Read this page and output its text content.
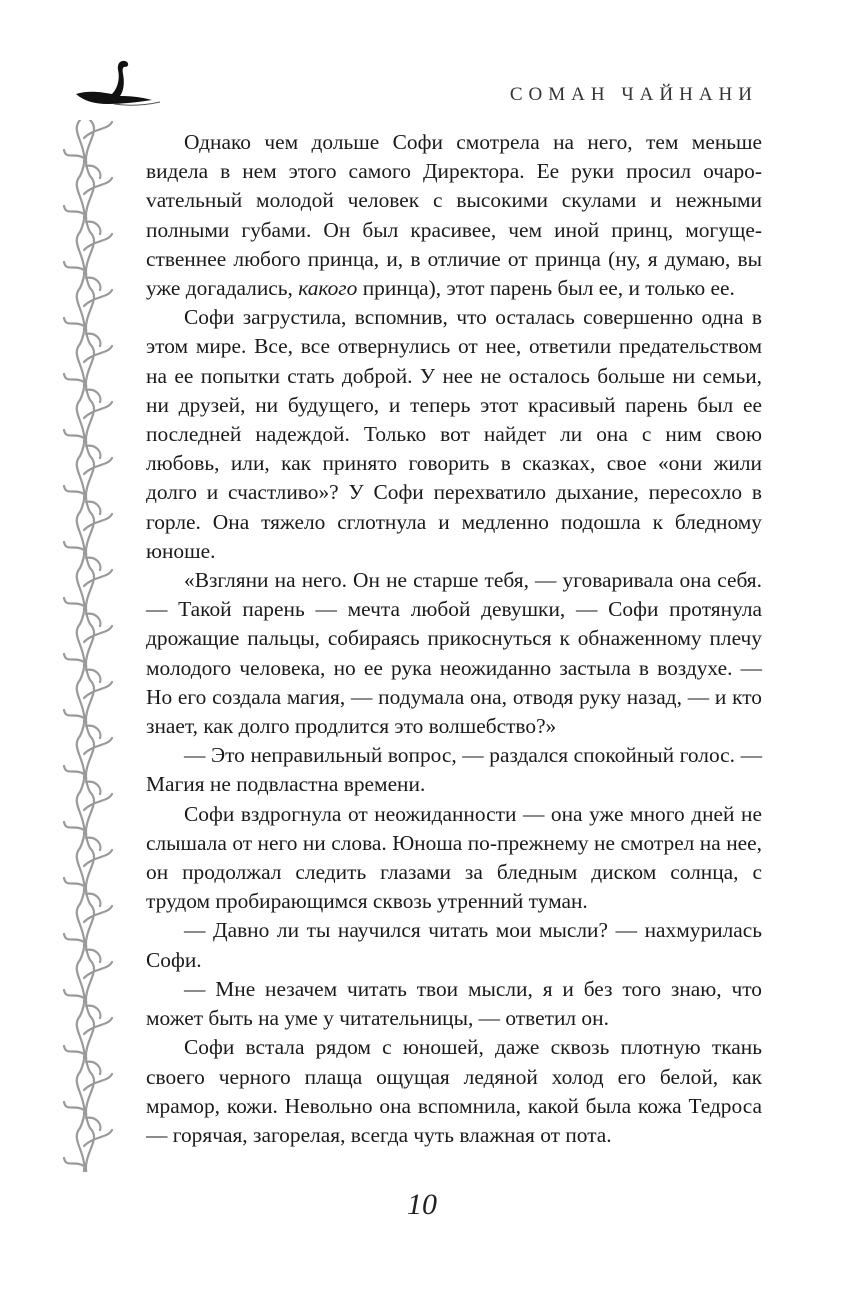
СОМАН ЧАЙНАНИ

Однако чем дольше Софи смотрела на него, тем меньше видела в нем этого самого Директора. Ее руки просил очароvательный молодой человек с высокими скулами и нежными полными губами. Он был красивее, чем иной принц, могущественнее любого принца, и, в отличие от принца (ну, я думаю, вы уже догадались, какого принца), этот парень был ее, и только ее.

Софи загрустила, вспомнив, что осталась совершенно одна в этом мире. Все, все отвернулись от нее, ответили предательством на ее попытки стать доброй. У нее не осталось больше ни семьи, ни друзей, ни будущего, и теперь этот красивый парень был ее последней надеждой. Только вот найдет ли она с ним свою любовь, или, как принято говорить в сказках, свое «они жили долго и счастливо»? У Софи перехватило дыхание, пересохло в горле. Она тяжело сглотнула и медленно подошла к бледному юноше.

«Взгляни на него. Он не старше тебя, — уговаривала она себя. — Такой парень — мечта любой девушки, — Софи протянула дрожащие пальцы, собираясь прикоснуться к обнаженному плечу молодого человека, но ее рука неожиданно застыла в воздухе. — Но его создала магия, — подумала она, отводя руку назад, — и кто знает, как долго продлится это волшебство?»

— Это неправильный вопрос, — раздался спокойный голос. — Магия не подвластна времени.

Софи вздрогнула от неожиданности — она уже много дней не слышала от него ни слова. Юноша по-прежнему не смотрел на нее, он продолжал следить глазами за бледным диском солнца, с трудом пробирающимся сквозь утренний туман.

— Давно ли ты научился читать мои мысли? — нахмурилась Софи.

— Мне незачем читать твои мысли, я и без того знаю, что может быть на уме у читательницы, — ответил он.

Софи встала рядом с юношей, даже сквозь плотную ткань своего черного плаща ощущая ледяной холод его белой, как мрамор, кожи. Невольно она вспомнила, какой была кожа Тедроса — горячая, загорелая, всегда чуть влажная от пота.

10
